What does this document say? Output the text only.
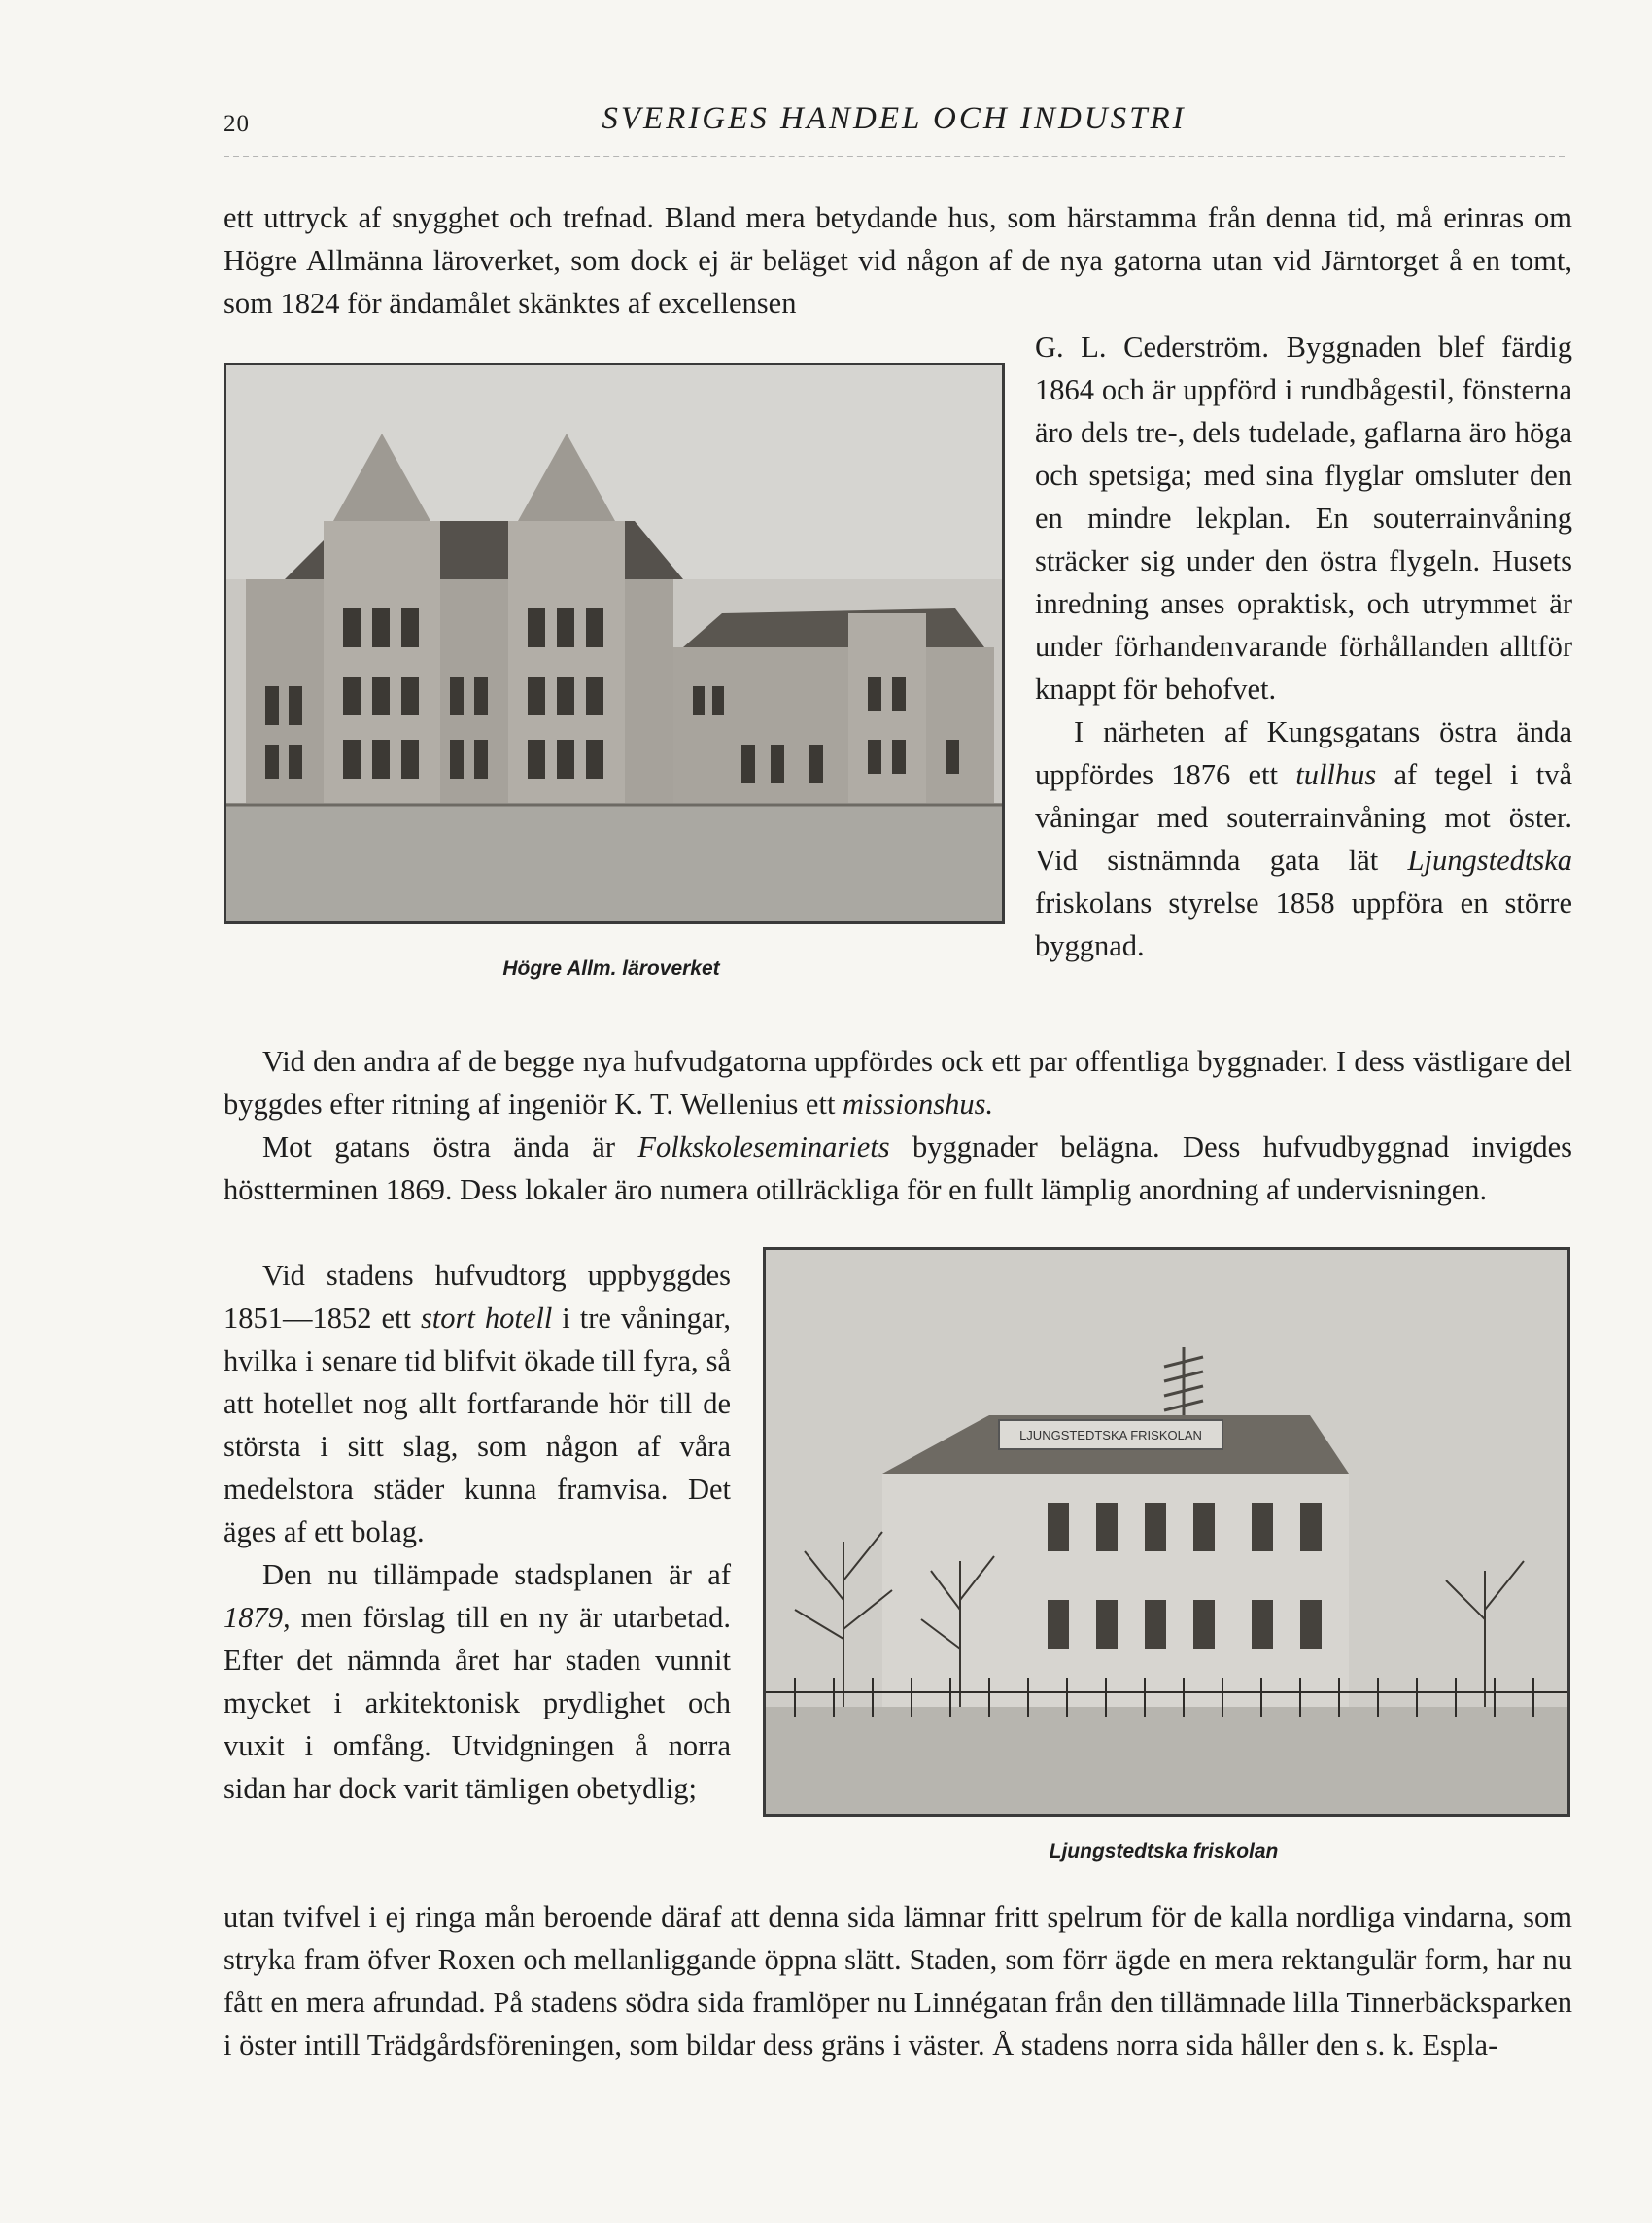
20	SVERIGES HANDEL OCH INDUSTRI

ett uttryck af snygghet och trefnad. Bland mera betydande hus, som härstamma från denna tid, må erinras om Högre Allmänna läroverket, som dock ej är beläget vid någon af de nya gatorna utan vid Järntorget å en tomt, som 1824 för ändamålet skänktes af excellensen

Högre Allm. läroverket

G. L. Cederström. Byggnaden blef färdig 1864 och är uppförd i rundbågestil, fönsterna äro dels tre-, dels tudelade, gaflarna äro höga och spetsiga; med sina flyglar omsluter den en mindre lekplan. En souterrainvåning sträcker sig under den östra flygeln. Husets inredning anses opraktisk, och utrymmet är under förhandenvarande förhållanden alltför knappt för behofvet.

I närheten af Kungsgatans östra ända uppfördes 1876 ett tullhus af tegel i två våningar med souterrainvåning mot öster. Vid sistnämnda gata lät Ljungstedtska friskolans styrelse 1858 uppföra en större byggnad.

Vid den andra af de begge nya hufvudgatorna uppfördes ock ett par offentliga byggnader. I dess västligare del byggdes efter ritning af ingeniör K. T. Wellenius ett missionshus.

Mot gatans östra ända är Folkskoleseminariets byggnader belägna. Dess hufvudbyggnad invigdes höstterminen 1869. Dess lokaler äro numera otillräckliga för en fullt lämplig anordning af undervisningen.

Vid stadens hufvudtorg uppbyggdes 1851—1852 ett stort hotell i tre våningar, hvilka i senare tid blifvit ökade till fyra, så att hotellet nog allt fortfarande hör till de största i sitt slag, som någon af våra medelstora städer kunna framvisa. Det äges af ett bolag.

Den nu tillämpade stadsplanen är af 1879, men förslag till en ny är utarbetad. Efter det nämnda året har staden vunnit mycket i arkitektonisk prydlighet och vuxit i omfång. Utvidgningen å norra sidan har dock varit tämligen obetydlig;

LJUNGSTEDTSKA FRISKOLAN
Ljungstedtska friskolan

utan tvifvel i ej ringa mån beroende däraf att denna sida lämnar fritt spelrum för de kalla nordliga vindarna, som stryka fram öfver Roxen och mellanliggande öppna slätt. Staden, som förr ägde en mera rektangulär form, har nu fått en mera afrundad. På stadens södra sida framlöper nu Linnégatan från den tillämnade lilla Tinnerbäcksparken i öster intill Trädgårdsföreningen, som bildar dess gräns i väster. Å stadens norra sida håller den s. k. Espla-
